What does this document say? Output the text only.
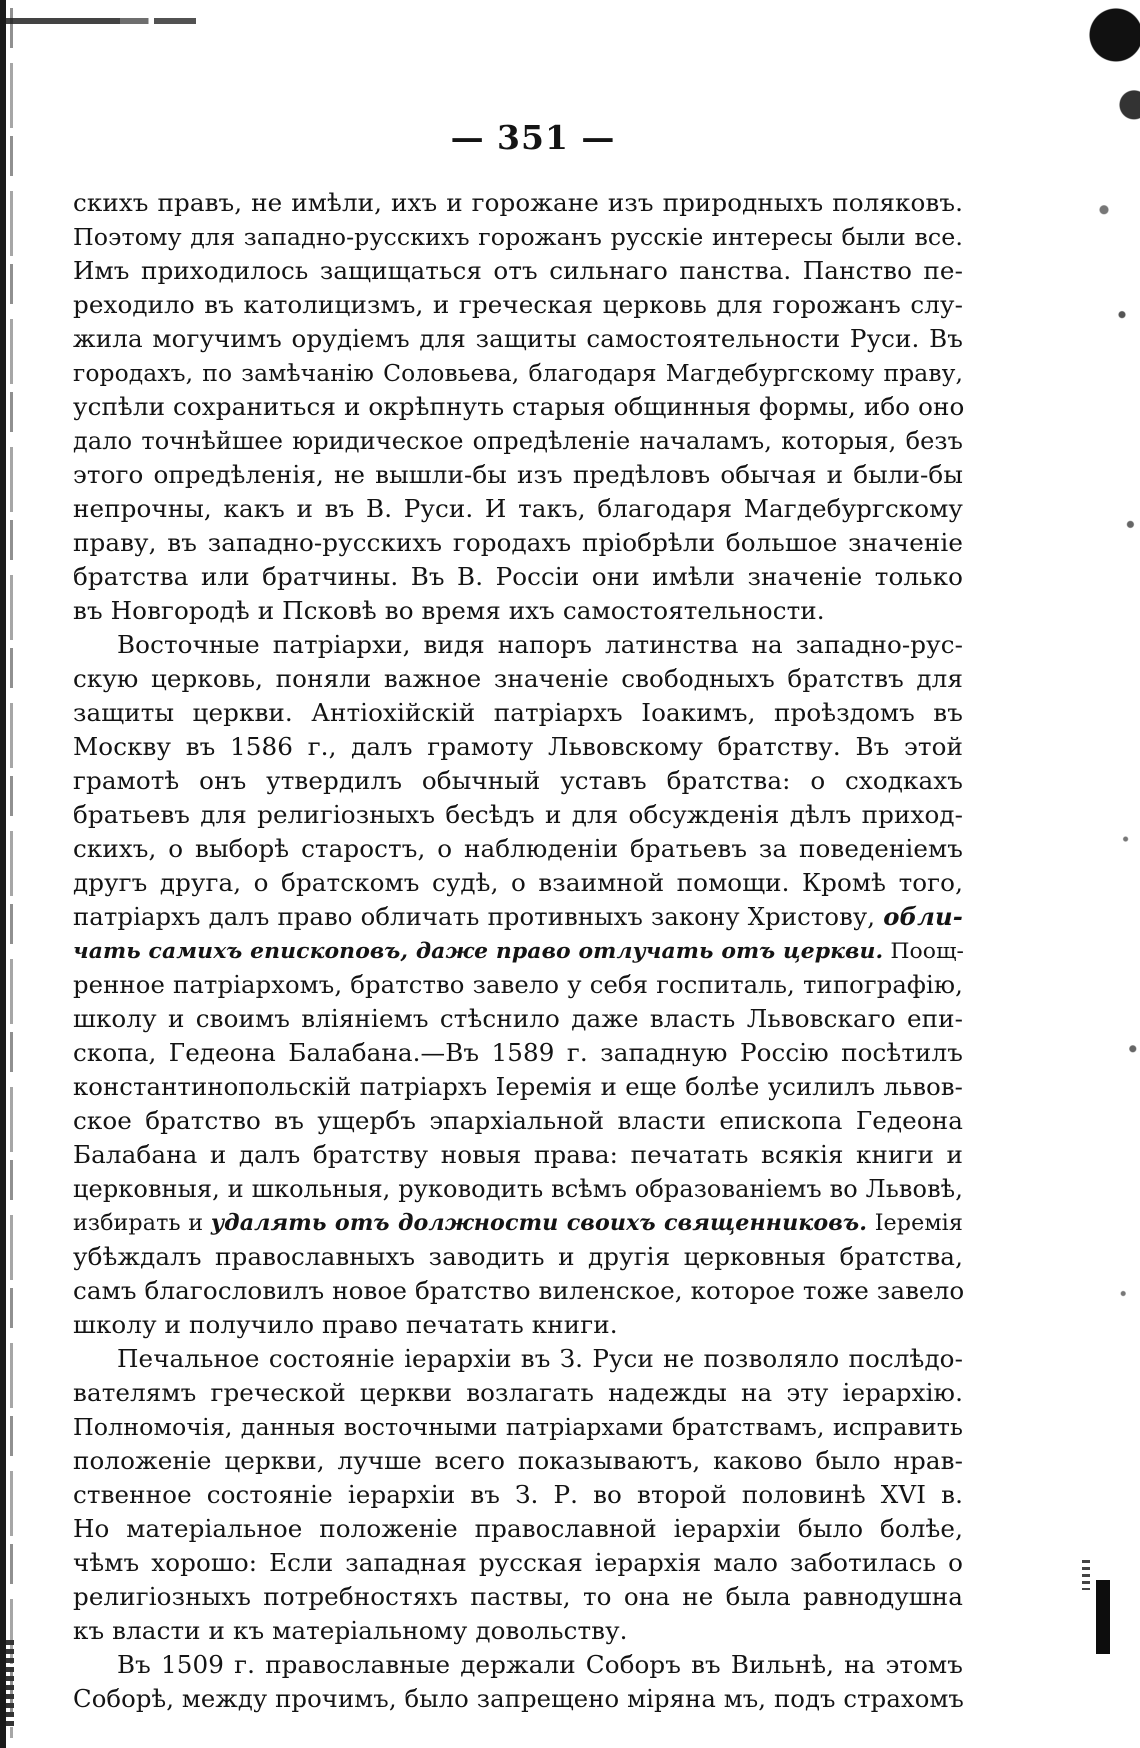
— 351 —
скихъ правъ, не имѣли, ихъ и горожане изъ природныхъ поляковъ.
Поэтому для западно-русскихъ горожанъ русскіе интересы были все.
Имъ приходилось защищаться отъ сильнаго панства. Панство пе-
реходило въ католицизмъ, и греческая церковь для горожанъ слу-
жила могучимъ орудіемъ для защиты самостоятельности Руси. Въ
городахъ, по замѣчанію Соловьева, благодаря Магдебургскому праву,
успѣли сохраниться и окрѣпнуть старыя общинныя формы, ибо оно
дало точнѣйшее юридическое опредѣленіе началамъ, которыя, безъ
этого опредѣленія, не вышли-бы изъ предѣловъ обычая и были-бы
непрочны, какъ и въ В. Руси. И такъ, благодаря Магдебургскому
праву, въ западно-русскихъ городахъ пріобрѣли большое значеніе
братства или братчины. Въ В. Россіи они имѣли значеніе только
въ Новгородѣ и Псковѣ во время ихъ самостоятельности.
Восточные патріархи, видя напоръ латинства на западно-рус-
скую церковь, поняли важное значеніе свободныхъ братствъ для
защиты церкви. Антіохійскій патріархъ Іоакимъ, проѣздомъ въ
Москву въ 1586 г., далъ грамоту Львовскому братству. Въ этой
грамотѣ онъ утвердилъ обычный уставъ братства: о сходкахъ
братьевъ для религіозныхъ бесѣдъ и для обсужденія дѣлъ приход-
скихъ, о выборѣ старостъ, о наблюденіи братьевъ за поведеніемъ
другъ друга, о братскомъ судѣ, о взаимной помощи. Кромѣ того,
патріархъ далъ право обличать противныхъ закону Христову, обли-
чать самихъ епископовъ, даже право отлучать отъ церкви. Поощ-
ренное патріархомъ, братство завело у себя госпиталь, типографію,
школу и своимъ вліяніемъ стѣснило даже власть Львовскаго епи-
скопа, Гедеона Балабана.—Въ 1589 г. западную Россію посѣтилъ
константинопольскій патріархъ Іеремія и еще болѣе усилилъ львов-
ское братство въ ущербъ эпархіальной власти епископа Гедеона
Балабана и далъ братству новыя права: печатать всякія книги и
церковныя, и школьныя, руководить всѣмъ образованіемъ во Львовѣ,
избирать и удалять отъ должности своихъ священниковъ. Іеремія
убѣждалъ православныхъ заводить и другія церковныя братства,
самъ благословилъ новое братство виленское, которое тоже завело
школу и получило право печатать книги.
Печальное состояніе іерархіи въ З. Руси не позволяло послѣдо-
вателямъ греческой церкви возлагать надежды на эту іерархію.
Полномочія, данныя восточными патріархами братствамъ, исправить
положеніе церкви, лучше всего показываютъ, каково было нрав-
ственное состояніе іерархіи въ З. Р. во второй половинѣ XVI в.
Но матеріальное положеніе православной іерархіи было болѣе,
чѣмъ хорошо: Если западная русская іерархія мало заботилась о
религіозныхъ потребностяхъ паствы, то она не была равнодушна
къ власти и къ матеріальному довольству.
Въ 1509 г. православные держали Соборъ въ Вильнѣ, на этомъ
Соборѣ, между прочимъ, было запрещено міряна мъ, подъ страхомъ
